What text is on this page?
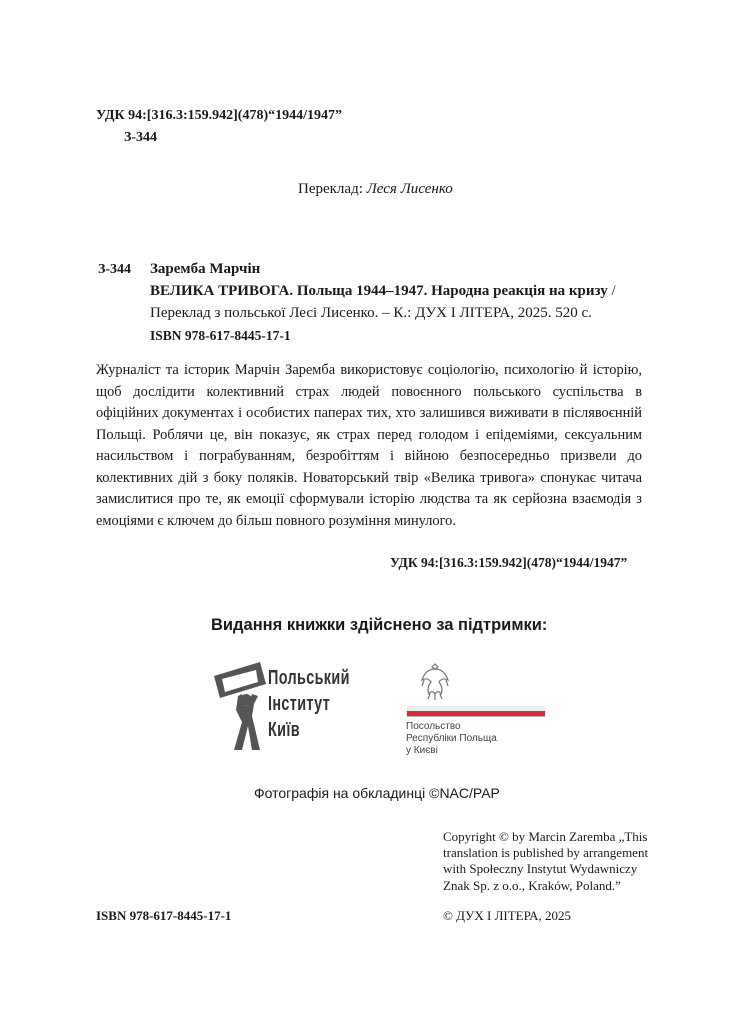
УДК 94:[316.3:159.942](478)“1944/1947”
З-344
Переклад: Леся Лисенко
З-344 Заремба Марчін
ВЕЛИКА ТРИВОГА. Польща 1944–1947. Народна реакція на кризу /
Переклад з польської Лесі Лисенко. – К.: ДУХ І ЛІТЕРА, 2025. 520 с.
ISBN 978-617-8445-17-1
Журналіст та історик Марчін Заремба використовує соціологію, психологію й історію, щоб дослідити колективний страх людей повоєнного польського суспільства в офіційних документах і особистих паперах тих, хто залишився виживати в післявоєнній Польщі. Роблячи це, він показує, як страх перед голодом і епідеміями, сексуальним насильством і пограбуванням, безробіттям і війною безпосередньо призвели до колективних дій з боку поляків. Новаторський твір «Велика тривога» спонукає читача замислитися про те, як емоції сформували історію людства та як серйозна взаємодія з емоціями є ключем до більш повного розуміння минулого.
УДК 94:[316.3:159.942](478)“1944/1947”
Видання книжки здійснено за підтримки:
Польський
Інститут
Київ	Посольство
Республіки Польща
у Києві
Фотографія на обкладинці ©NAC/PAP
Copyright © by Marcin Zaremba „This translation is published by arrangement with Społeczny Instytut Wydawniczy Znak Sp. z o.o., Kraków, Poland.”
ISBN 978-617-8445-17-1	© ДУХ І ЛІТЕРА, 2025
